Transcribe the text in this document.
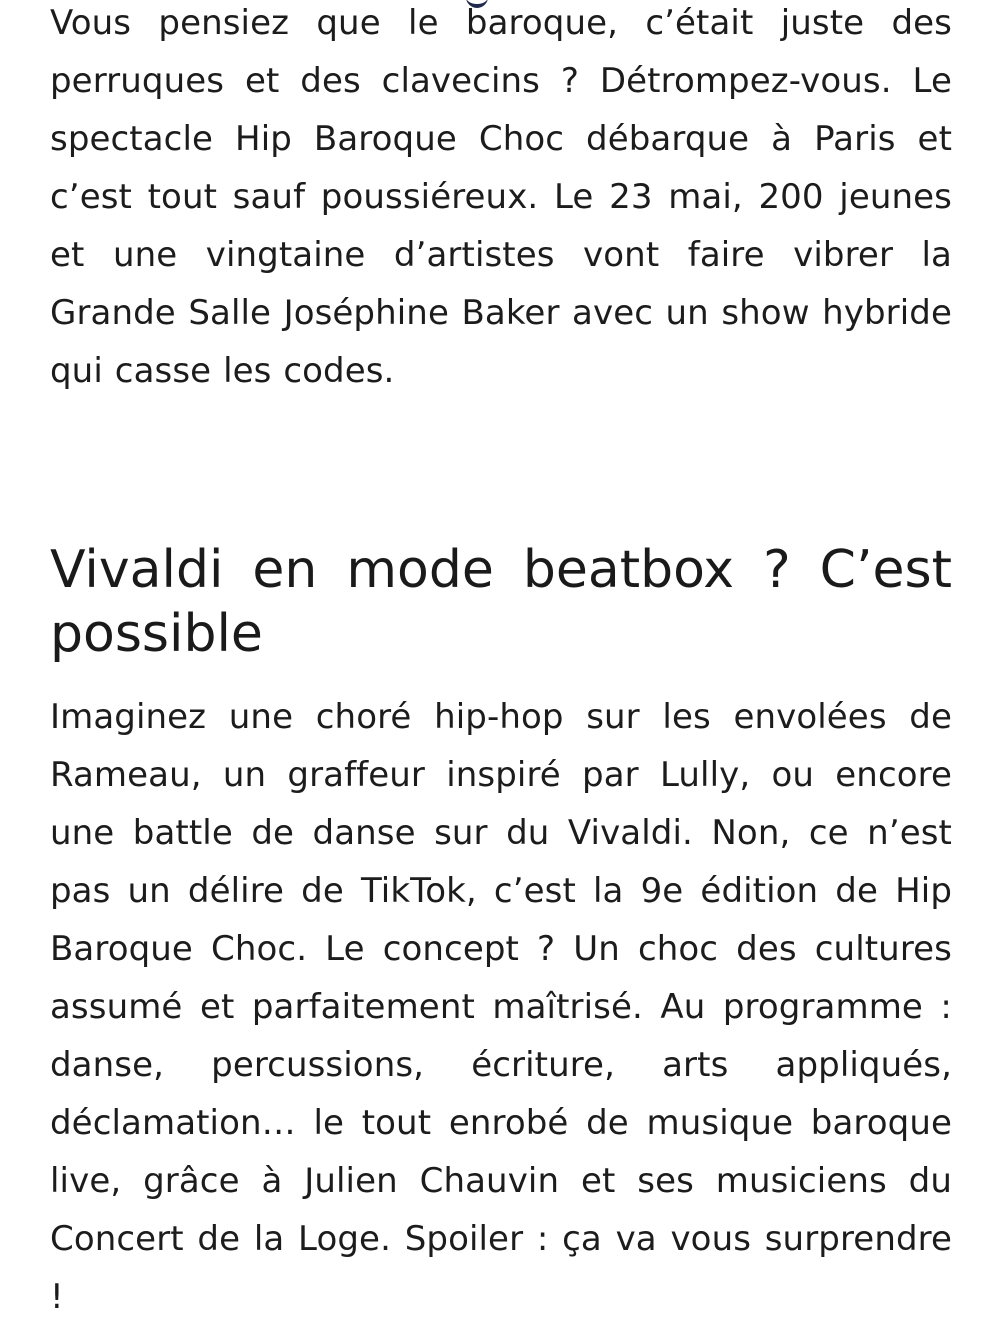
Vous pensiez que le baroque, c’était juste des perruques et des clavecins ? Détrompez-vous. Le spectacle Hip Baroque Choc débarque à Paris et c’est tout sauf poussiéreux. Le 23 mai, 200 jeunes et une vingtaine d’artistes vont faire vibrer la Grande Salle Joséphine Baker avec un show hybride qui casse les codes.

Vivaldi en mode beatbox ? C’est possible

Imaginez une choré hip-hop sur les envolées de Rameau, un graffeur inspiré par Lully, ou encore une battle de danse sur du Vivaldi. Non, ce n’est pas un délire de TikTok, c’est la 9e édition de Hip Baroque Choc. Le concept ? Un choc des cultures assumé et parfaitement maîtrisé. Au programme : danse, percussions, écriture, arts appliqués, déclamation… le tout enrobé de musique baroque live, grâce à Julien Chauvin et ses musiciens du Concert de la Loge. Spoiler : ça va vous surprendre !
